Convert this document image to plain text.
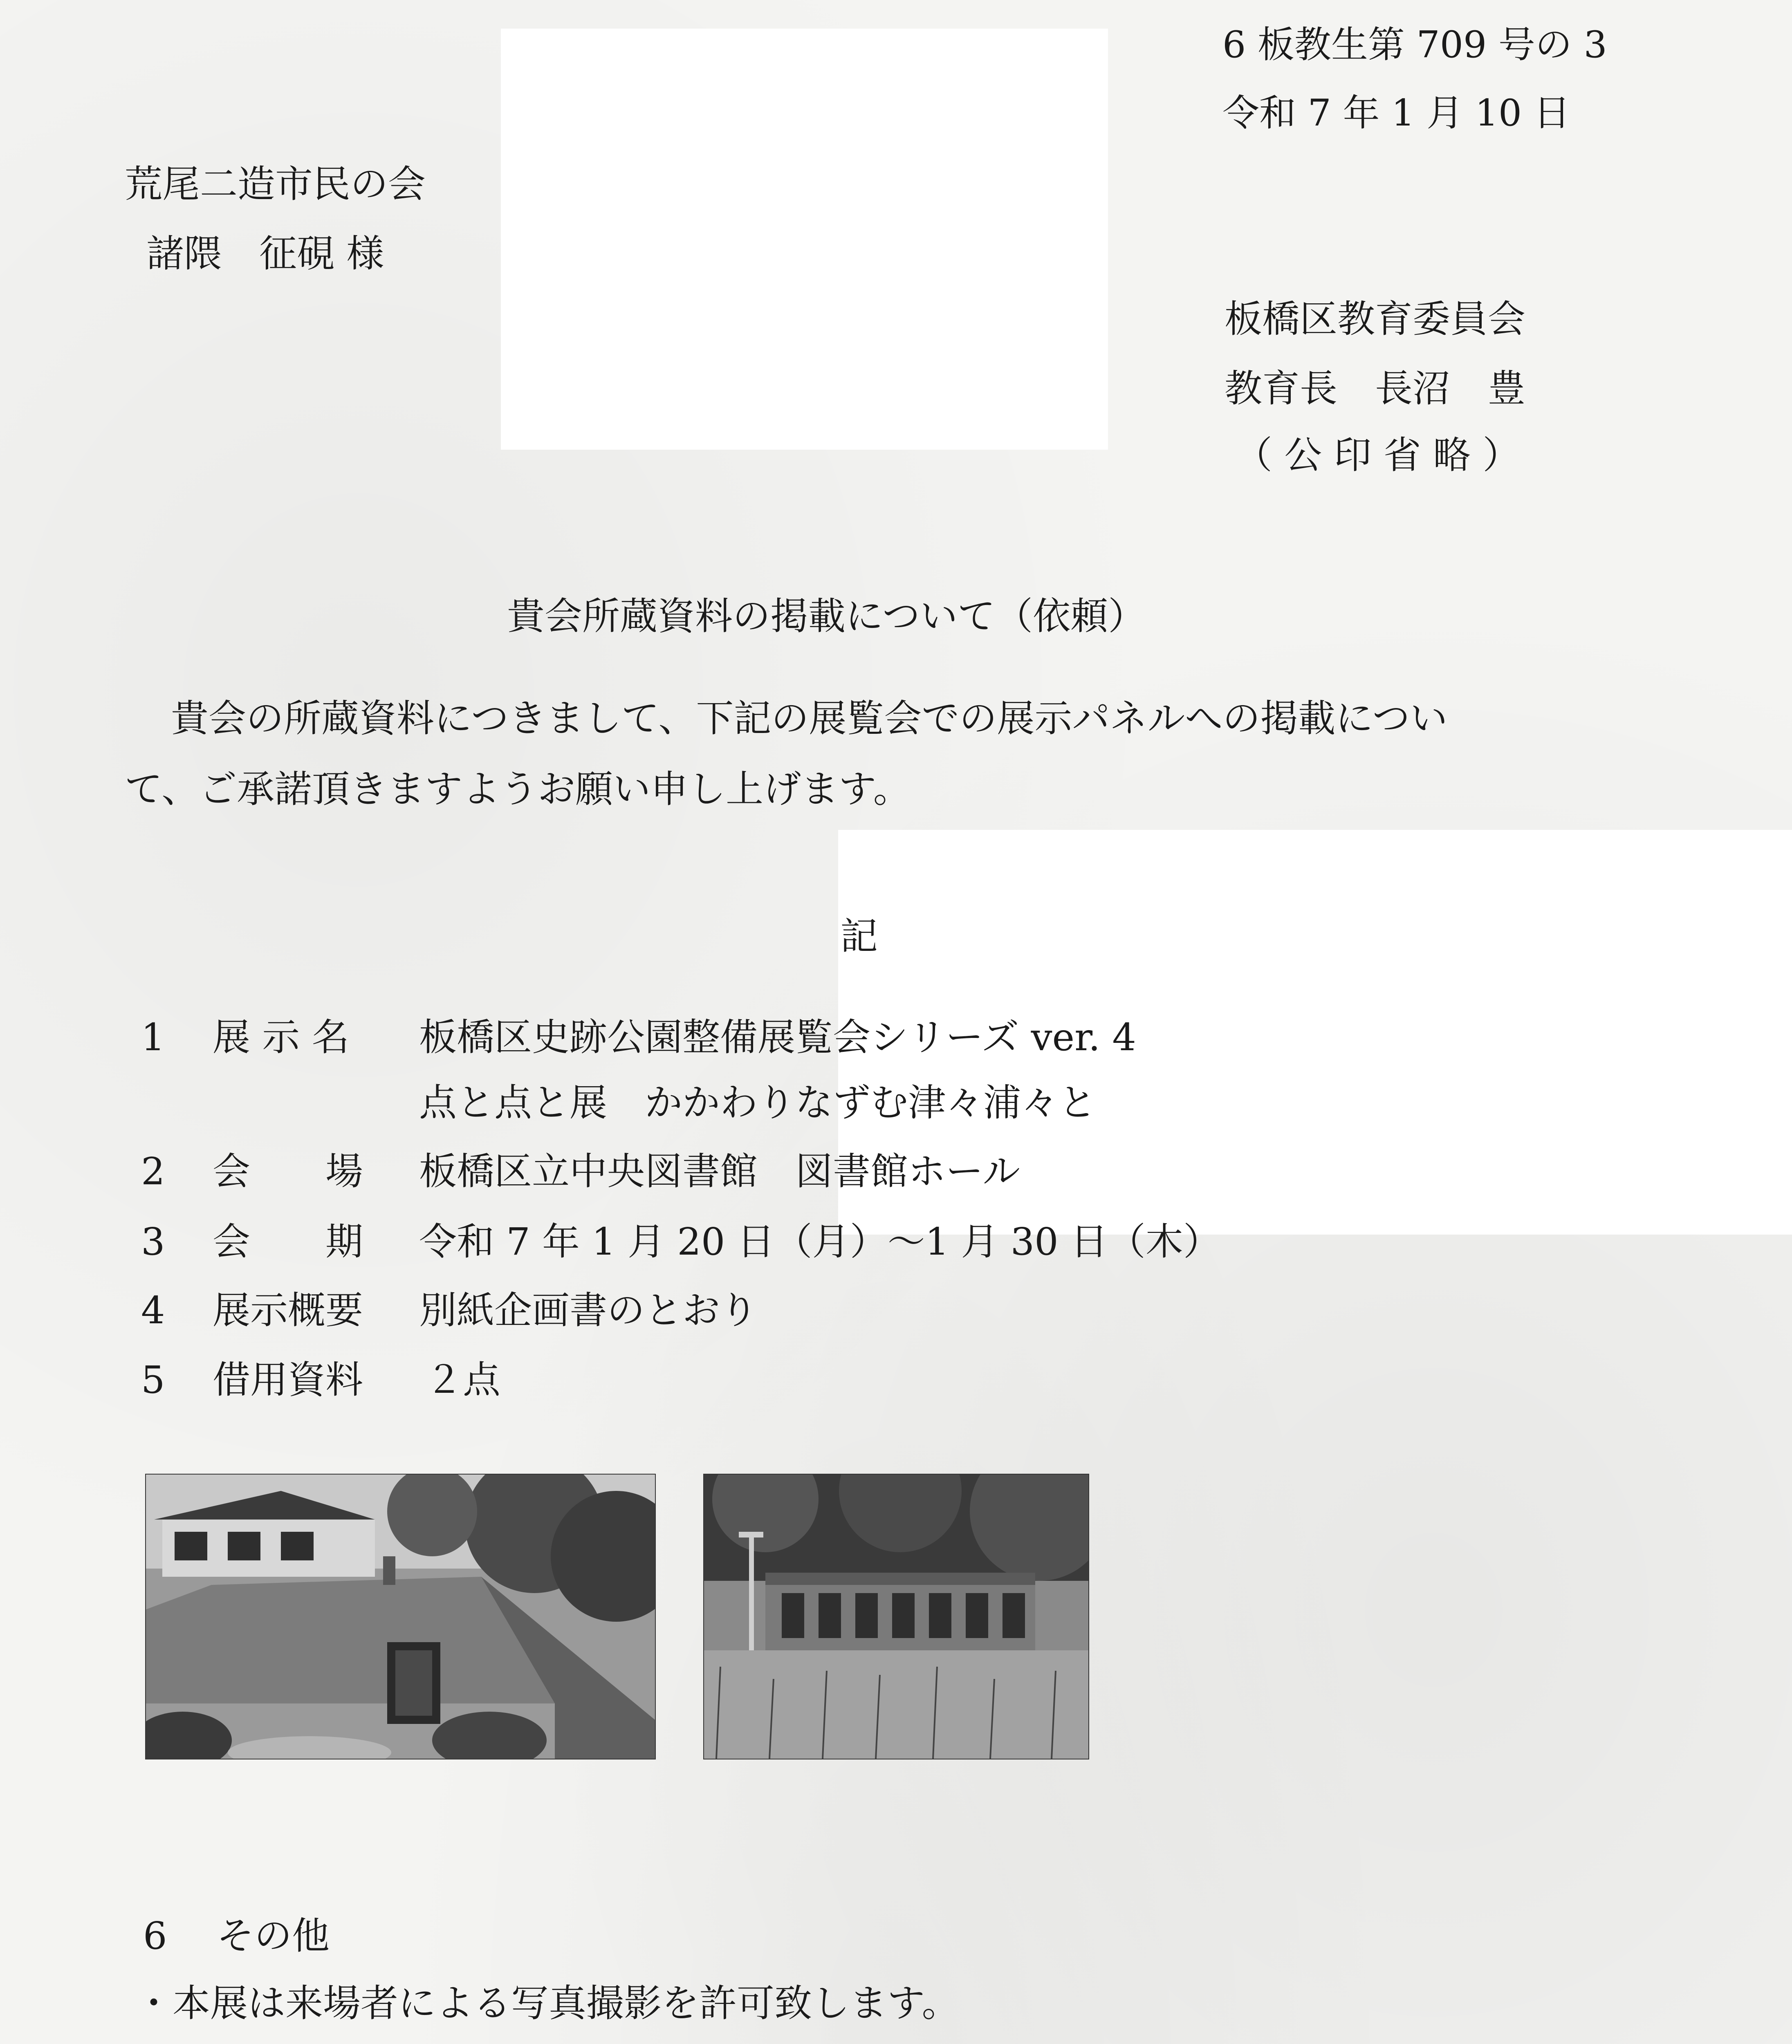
6 板教生第 709 号の 3
令和 7 年 1 月 10 日
荒尾二造市民の会
諸隈　征硯 様
板橋区教育委員会
教育長　長沼　豊
（ 公 印 省 略 ）
貴会所蔵資料の掲載について（依頼）
貴会の所蔵資料につきまして、下記の展覧会での展示パネルへの掲載につい
て、ご承諾頂きますようお願い申し上げます。
記
1 展 示 名 板橋区史跡公園整備展覧会シリーズ ver. 4
点と点と展　かかわりなずむ津々浦々と
2 会　　場 板橋区立中央図書館　図書館ホール
3 会　　期 令和 7 年 1 月 20 日（月）～1 月 30 日（木）
4 展示概要 別紙企画書のとおり
5 借用資料 ２点
6 その他
・本展は来場者による写真撮影を許可致します。
